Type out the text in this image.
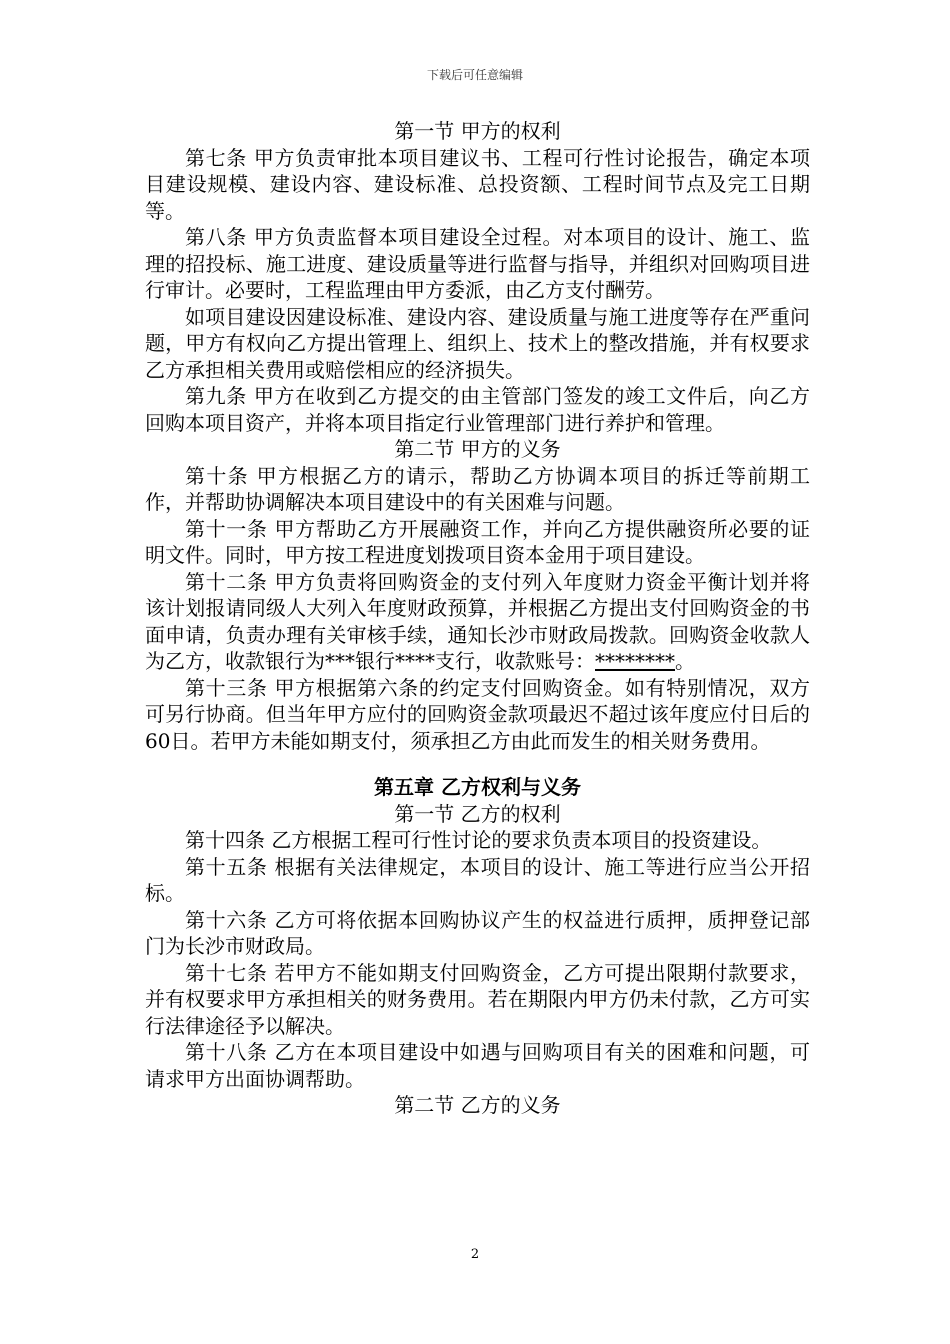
下载后可任意编辑

第一节 甲方的权利

第七条 甲方负责审批本项目建议书、工程可行性讨论报告，确定本项目建设规模、建设内容、建设标准、总投资额、工程时间节点及完工日期等。

第八条 甲方负责监督本项目建设全过程。对本项目的设计、施工、监理的招投标、施工进度、建设质量等进行监督与指导，并组织对回购项目进行审计。必要时，工程监理由甲方委派，由乙方支付酬劳。

如项目建设因建设标准、建设内容、建设质量与施工进度等存在严重问题，甲方有权向乙方提出管理上、组织上、技术上的整改措施，并有权要求乙方承担相关费用或赔偿相应的经济损失。

第九条 甲方在收到乙方提交的由主管部门签发的竣工文件后，向乙方回购本项目资产，并将本项目指定行业管理部门进行养护和管理。

第二节 甲方的义务

第十条 甲方根据乙方的请示，帮助乙方协调本项目的拆迁等前期工作，并帮助协调解决本项目建设中的有关困难与问题。

第十一条 甲方帮助乙方开展融资工作，并向乙方提供融资所必要的证明文件。同时，甲方按工程进度划拨项目资本金用于项目建设。

第十二条 甲方负责将回购资金的支付列入年度财力资金平衡计划并将该计划报请同级人大列入年度财政预算，并根据乙方提出支付回购资金的书面申请，负责办理有关审核手续，通知长沙市财政局拨款。回购资金收款人为乙方，收款银行为***银行****支行，收款账号：********。

第十三条 甲方根据第六条的约定支付回购资金。如有特别情况，双方可另行协商。但当年甲方应付的回购资金款项最迟不超过该年度应付日后的60日。若甲方未能如期支付，须承担乙方由此而发生的相关财务费用。

第五章 乙方权利与义务

第一节 乙方的权利

第十四条 乙方根据工程可行性讨论的要求负责本项目的投资建设。

第十五条 根据有关法律规定，本项目的设计、施工等进行应当公开招标。

第十六条 乙方可将依据本回购协议产生的权益进行质押，质押登记部门为长沙市财政局。

第十七条 若甲方不能如期支付回购资金，乙方可提出限期付款要求，并有权要求甲方承担相关的财务费用。若在期限内甲方仍未付款，乙方可实行法律途径予以解决。

第十八条 乙方在本项目建设中如遇与回购项目有关的困难和问题，可请求甲方出面协调帮助。

第二节 乙方的义务

2
